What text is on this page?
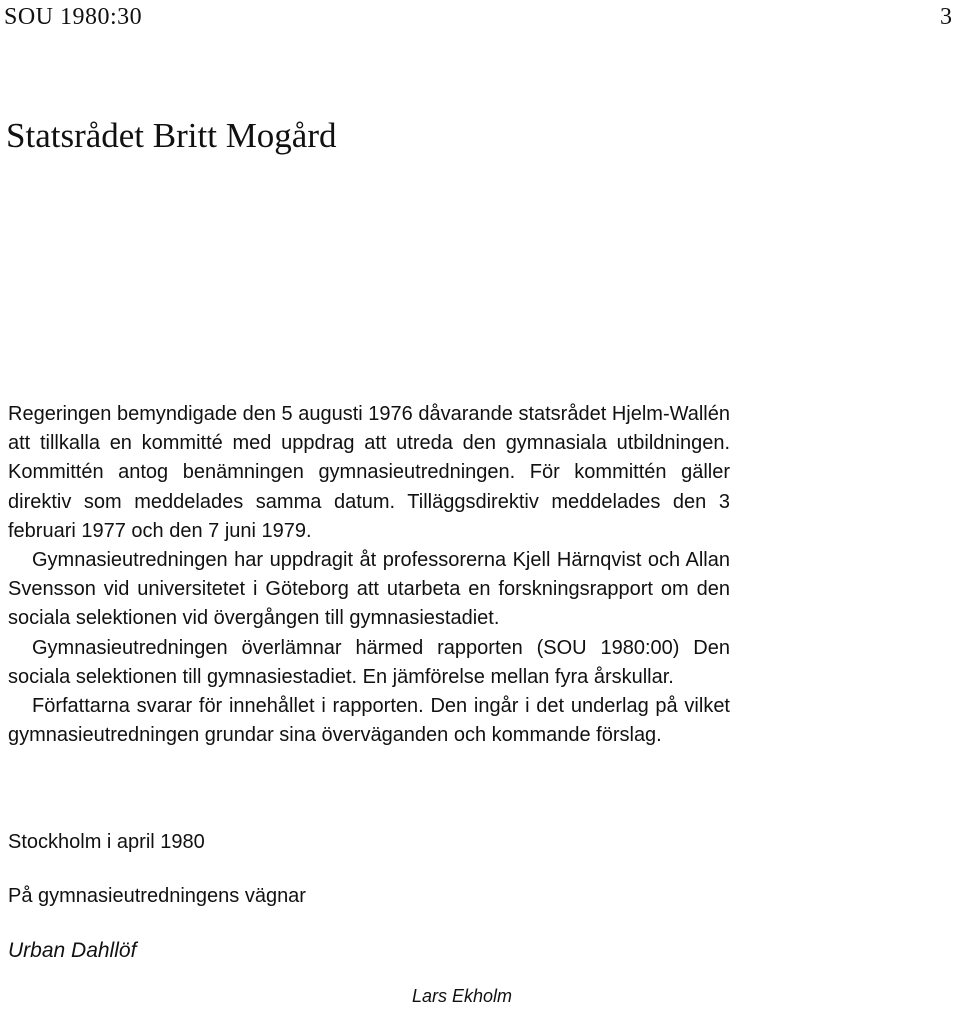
SOU 1980:30	3
Statsrådet Britt Mogård

Regeringen bemyndigade den 5 augusti 1976 dåvarande statsrådet Hjelm-Wallén att tillkalla en kommitté med uppdrag att utreda den gymnasiala utbildningen. Kommittén antog benämningen gymnasieutredningen. För kommittén gäller direktiv som meddelades samma datum. Tilläggsdirektiv meddelades den 3 februari 1977 och den 7 juni 1979.

Gymnasieutredningen har uppdragit åt professorerna Kjell Härnqvist och Allan Svensson vid universitetet i Göteborg att utarbeta en forskningsrapport om den sociala selektionen vid övergången till gymnasiestadiet.

Gymnasieutredningen överlämnar härmed rapporten (SOU 1980:00) Den sociala selektionen till gymnasiestadiet. En jämförelse mellan fyra årskullar.

Författarna svarar för innehållet i rapporten. Den ingår i det underlag på vilket gymnasieutredningen grundar sina överväganden och kommande förslag.

Stockholm i april 1980

På gymnasieutredningens vägnar

Urban Dahllöf

Lars Ekholm
